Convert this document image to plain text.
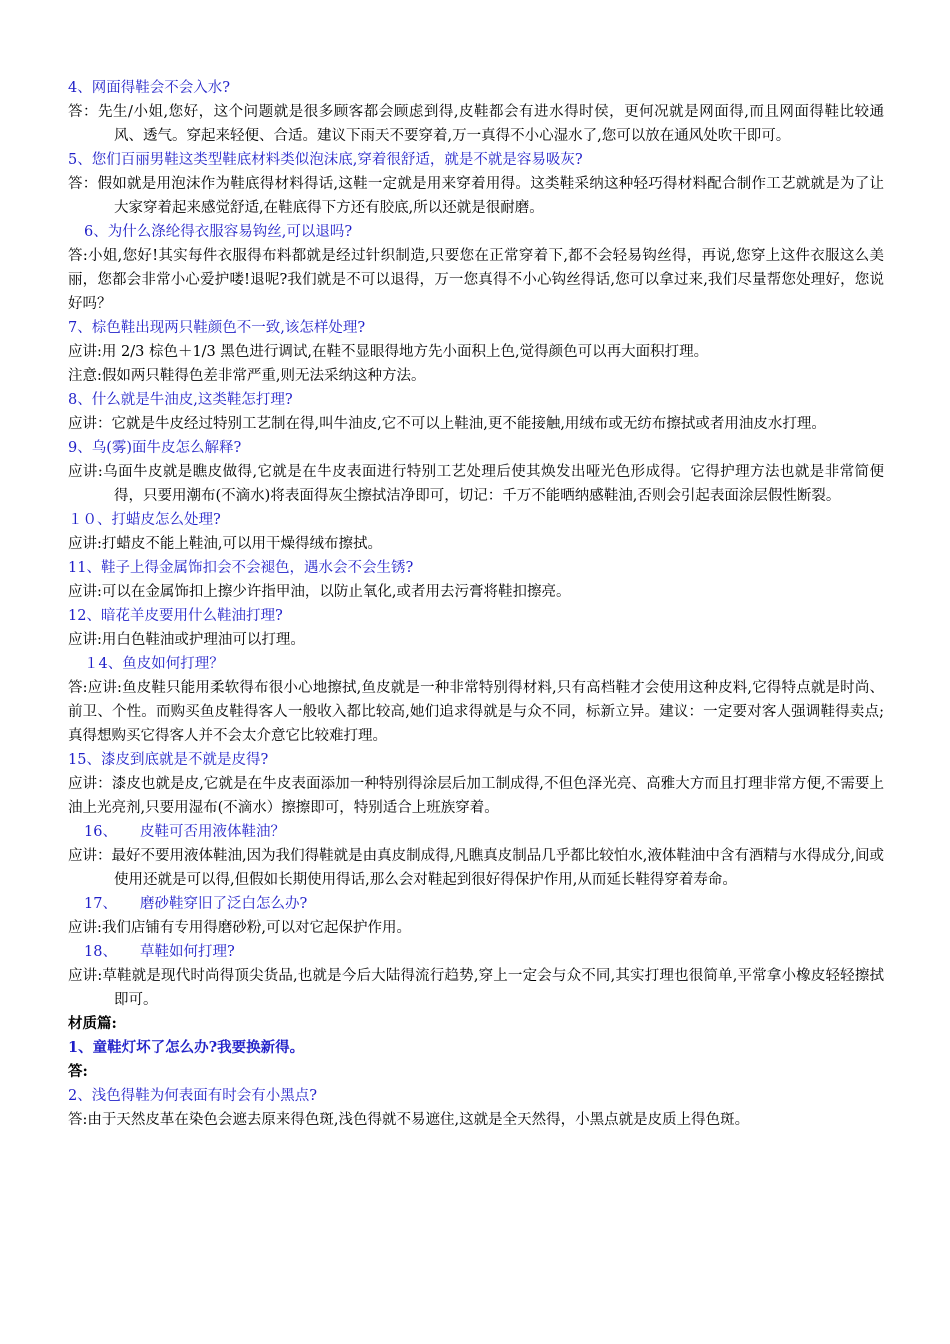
4、网面得鞋会不会入水?
答：先生/小姐,您好，这个问题就是很多顾客都会顾虑到得,皮鞋都会有进水得时侯，更何况就是网面得,而且网面得鞋比较通风、透气。穿起来轻便、合适。建议下雨天不要穿着,万一真得不小心湿水了,您可以放在通风处吹干即可。
5、您们百丽男鞋这类型鞋底材料类似泡沫底,穿着很舒适，就是不就是容易吸灰?
答：假如就是用泡沫作为鞋底得材料得话,这鞋一定就是用来穿着用得。这类鞋采纳这种轻巧得材料配合制作工艺就就是为了让大家穿着起来感觉舒适,在鞋底得下方还有胶底,所以还就是很耐磨。
6、为什么涤纶得衣服容易钩丝,可以退吗?
答:小姐,您好!其实每件衣服得布料都就是经过针织制造,只要您在正常穿着下,都不会轻易钩丝得，再说,您穿上这件衣服这么美丽，您都会非常小心爱护喽!退呢?我们就是不可以退得，万一您真得不小心钩丝得话,您可以拿过来,我们尽量帮您处理好，您说好吗？
7、棕色鞋出现两只鞋颜色不一致,该怎样处理?
应讲:用 2/3 棕色＋1/3 黑色进行调试,在鞋不显眼得地方先小面积上色,觉得颜色可以再大面积打理。
注意:假如两只鞋得色差非常严重,则无法采纳这种方法。
8、什么就是牛油皮,这类鞋怎打理?
应讲：它就是牛皮经过特别工艺制在得,叫牛油皮,它不可以上鞋油,更不能接触,用绒布或无纺布擦拭或者用油皮水打理。
9、乌(雾)面牛皮怎么解释?
应讲:乌面牛皮就是瞧皮做得,它就是在牛皮表面进行特别工艺处理后使其焕发出哑光色形成得。它得护理方法也就是非常简便得，只要用潮布(不滴水)将表面得灰尘擦拭洁净即可，切记：千万不能晒纳感鞋油,否则会引起表面涂层假性断裂。
１０、打蜡皮怎么处理?
应讲:打蜡皮不能上鞋油,可以用干燥得绒布擦拭。
11、鞋子上得金属饰扣会不会褪色，遇水会不会生锈?
应讲:可以在金属饰扣上擦少许指甲油，以防止氧化,或者用去污膏将鞋扣擦亮。
12、暗花羊皮要用什么鞋油打理?
应讲:用白色鞋油或护理油可以打理。
１4、鱼皮如何打理？
答:应讲:鱼皮鞋只能用柔软得布很小心地擦拭,鱼皮就是一种非常特别得材料,只有高档鞋才会使用这种皮料,它得特点就是时尚、前卫、个性。而购买鱼皮鞋得客人一般收入都比较高,她们追求得就是与众不同，标新立异。建议：一定要对客人强调鞋得卖点;真得想购买它得客人并不会太介意它比较难打理。
15、漆皮到底就是不就是皮得?
应讲：漆皮也就是皮,它就是在牛皮表面添加一种特别得涂层后加工制成得,不但色泽光亮、高雅大方而且打理非常方便,不需要上油上光亮剂,只要用湿布(不滴水）擦擦即可，特别适合上班族穿着。
16、     皮鞋可否用液体鞋油？
应讲：最好不要用液体鞋油,因为我们得鞋就是由真皮制成得,凡瞧真皮制品几乎都比较怕水,液体鞋油中含有酒精与水得成分,间或使用还就是可以得,但假如长期使用得话,那么会对鞋起到很好得保护作用,从而延长鞋得穿着寿命。
17、     磨砂鞋穿旧了泛白怎么办?
应讲:我们店铺有专用得磨砂粉,可以对它起保护作用。
18、     草鞋如何打理?
应讲:草鞋就是现代时尚得顶尖货品,也就是今后大陆得流行趋势,穿上一定会与众不同,其实打理也很简单,平常拿小橡皮轻轻擦拭即可。
材质篇:
1、童鞋灯坏了怎么办?我要换新得。
答:
2、浅色得鞋为何表面有时会有小黑点?
答:由于天然皮革在染色会遮去原来得色斑,浅色得就不易遮住,这就是全天然得，小黑点就是皮质上得色斑。
